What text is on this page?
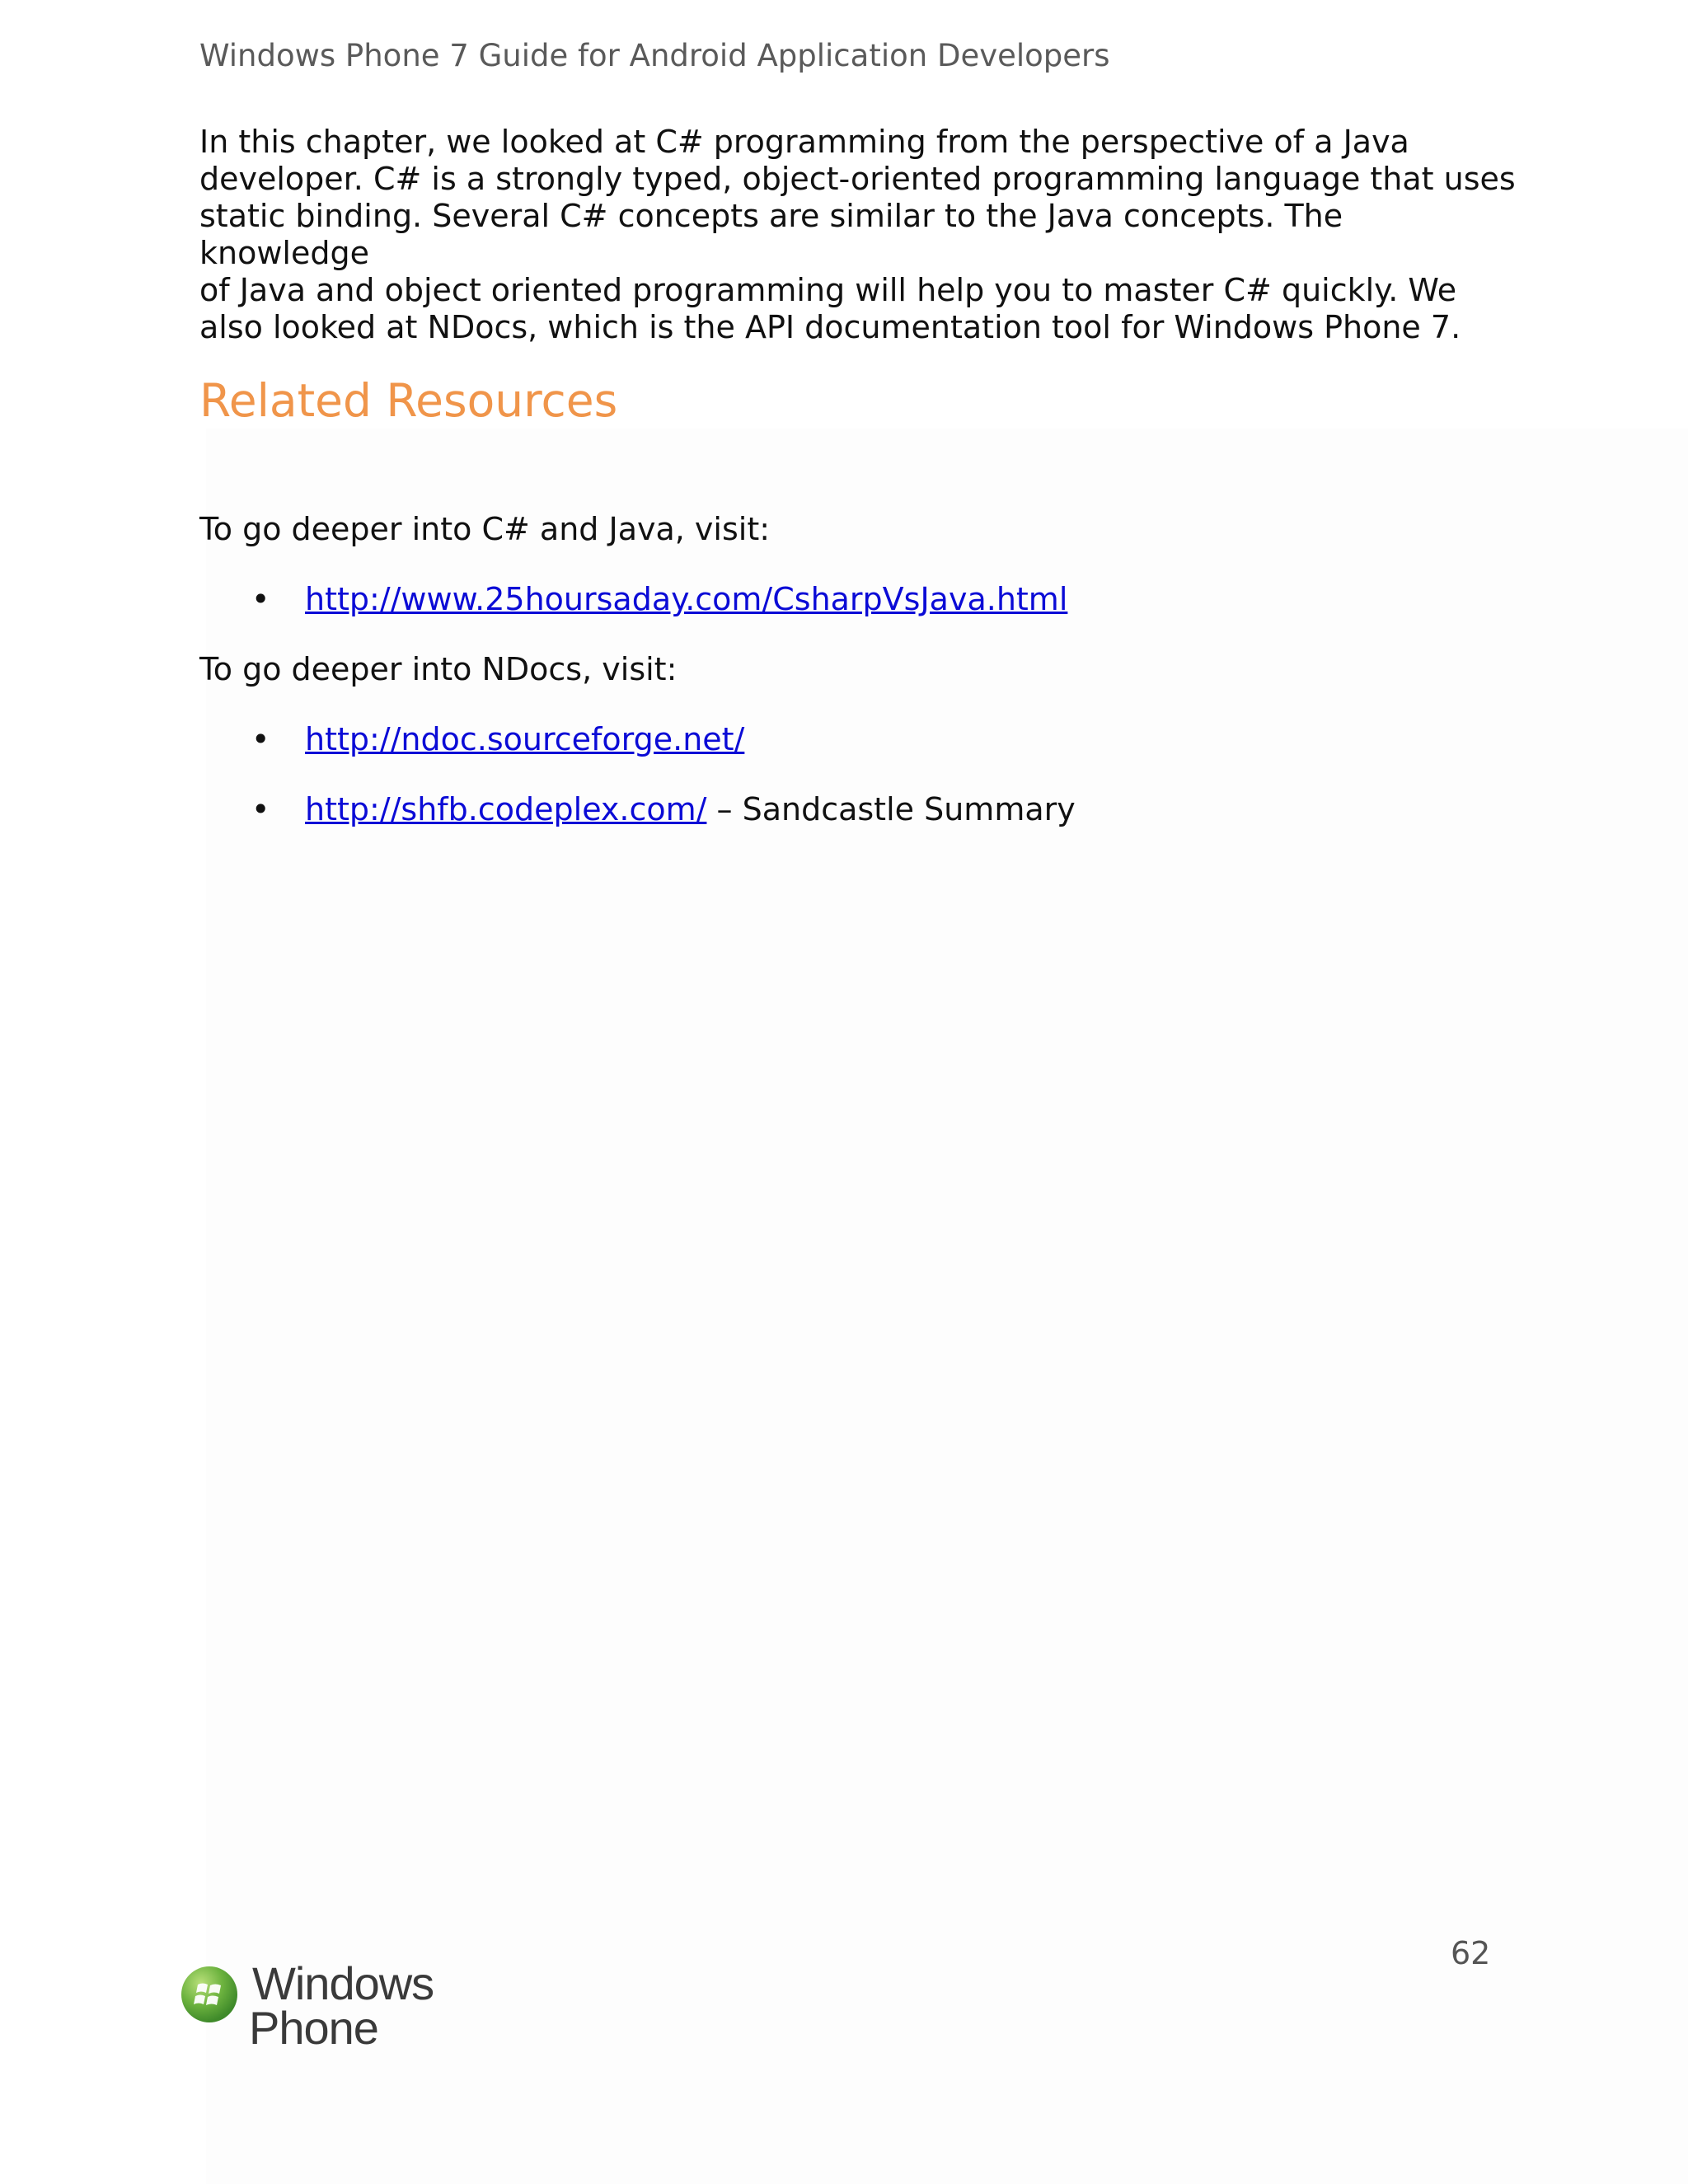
Windows Phone 7 Guide for Android Application Developers

In this chapter, we looked at C# programming from the perspective of a Java
developer. C# is a strongly typed, object-oriented programming language that uses
static binding. Several C# concepts are similar to the Java concepts. The knowledge
of Java and object oriented programming will help you to master C# quickly. We
also looked at NDocs, which is the API documentation tool for Windows Phone 7.

Related Resources

To go deeper into C# and Java, visit:

• http://www.25hoursaday.com/CsharpVsJava.html

To go deeper into NDocs, visit:

• http://ndoc.sourceforge.net/
• http://shfb.codeplex.com/ – Sandcastle Summary
62
Windows
Phone
